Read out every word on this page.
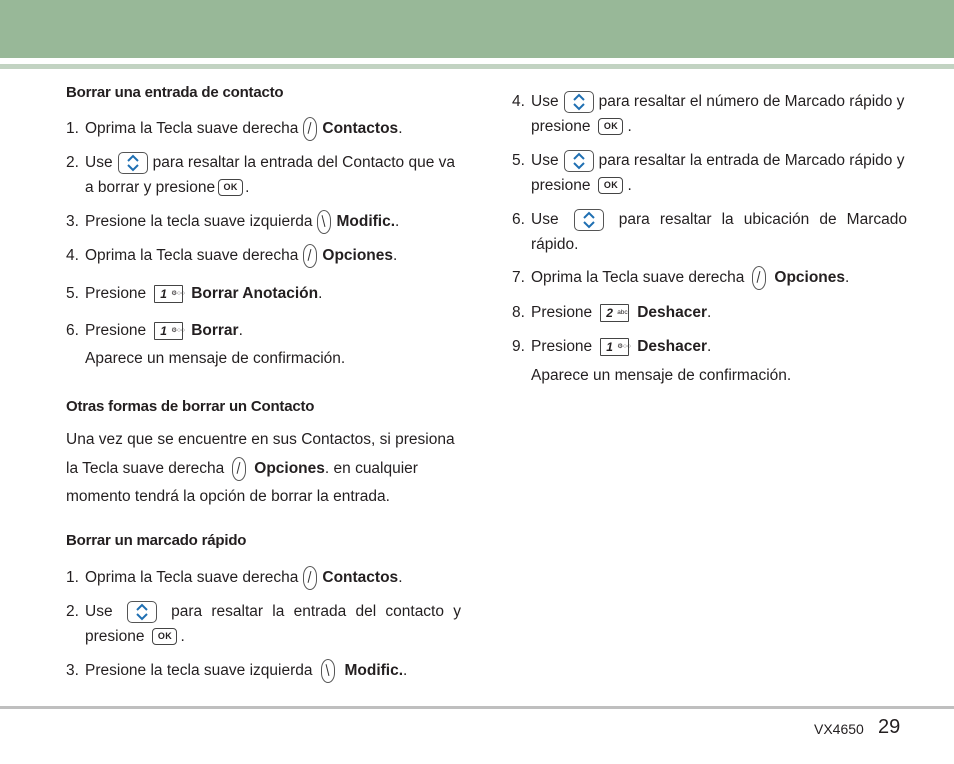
Borrar una entrada de contacto
1. Oprima la Tecla suave derecha Contactos.
2. Use	para resaltar la entrada del Contacto que va
a borrar y presione OK .
3. Presione la tecla suave izquierda Modific..
4. Oprima la Tecla suave derecha Opciones.
5. Presione 1 ⚙○○ Borrar Anotación.
6. Presione 1 ⚙○○ Borrar.
Aparece un mensaje de confirmación.
Otras formas de borrar un Contacto
Una vez que se encuentre en sus Contactos, si presiona
la Tecla suave derecha Opciones. en cualquier
momento tendrá la opción de borrar la entrada.
Borrar un marcado rápido
1. Oprima la Tecla suave derecha Contactos.
2. Use	para resaltar la entrada del contacto y
presione OK .
3. Presione la tecla suave izquierda Modific..
4. Use	para resaltar el número de Marcado rápido y
presione OK .
5. Use	para resaltar la entrada de Marcado rápido y
presione OK .
6. Use	para resaltar la ubicación de Marcado
rápido.
7. Oprima la Tecla suave derecha Opciones.
8. Presione 2 abc Deshacer.
9. Presione 1 ⚙○○ Deshacer.
Aparece un mensaje de confirmación.
VX4650 29
